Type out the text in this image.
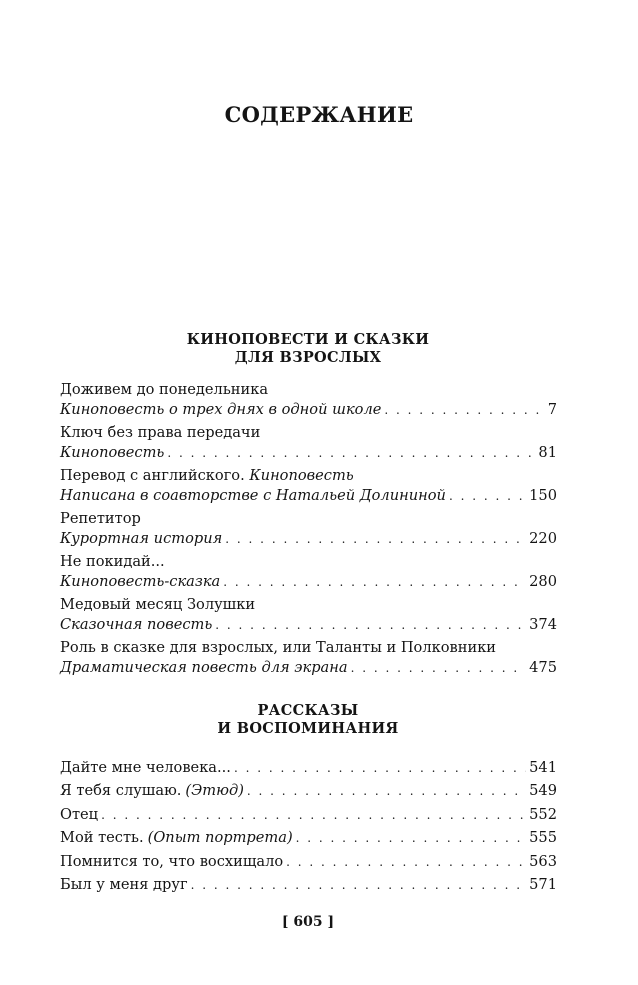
СОДЕРЖАНИЕ
КИНОПОВЕСТИ И СКАЗКИ
ДЛЯ ВЗРОСЛЫХ
Доживем до понедельника
Киноповесть о трех днях в одной школе . . .	7
Ключ без права передачи
Киноповесть . . .	81
Перевод с английского. Киноповесть
Написана в соавторстве с Натальей Долининой . . .	150
Репетитор
Курортная история . . .	220
Не покидай...
Киноповесть-сказка . . .	280
Медовый месяц Золушки
Сказочная повесть . . .	374
Роль в сказке для взрослых, или Таланты и Полковники
Драматическая повесть для экрана . . .	475
РАССКАЗЫ
И ВОСПОМИНАНИЯ
Дайте мне человека... . . .	541
Я тебя слушаю. (Этюд) . . .	549
Отец . . .	552
Мой тесть. (Опыт портрета) . . .	555
Помнится то, что восхищало . . .	563
Был у меня друг . . .	571
[ 605 ]
